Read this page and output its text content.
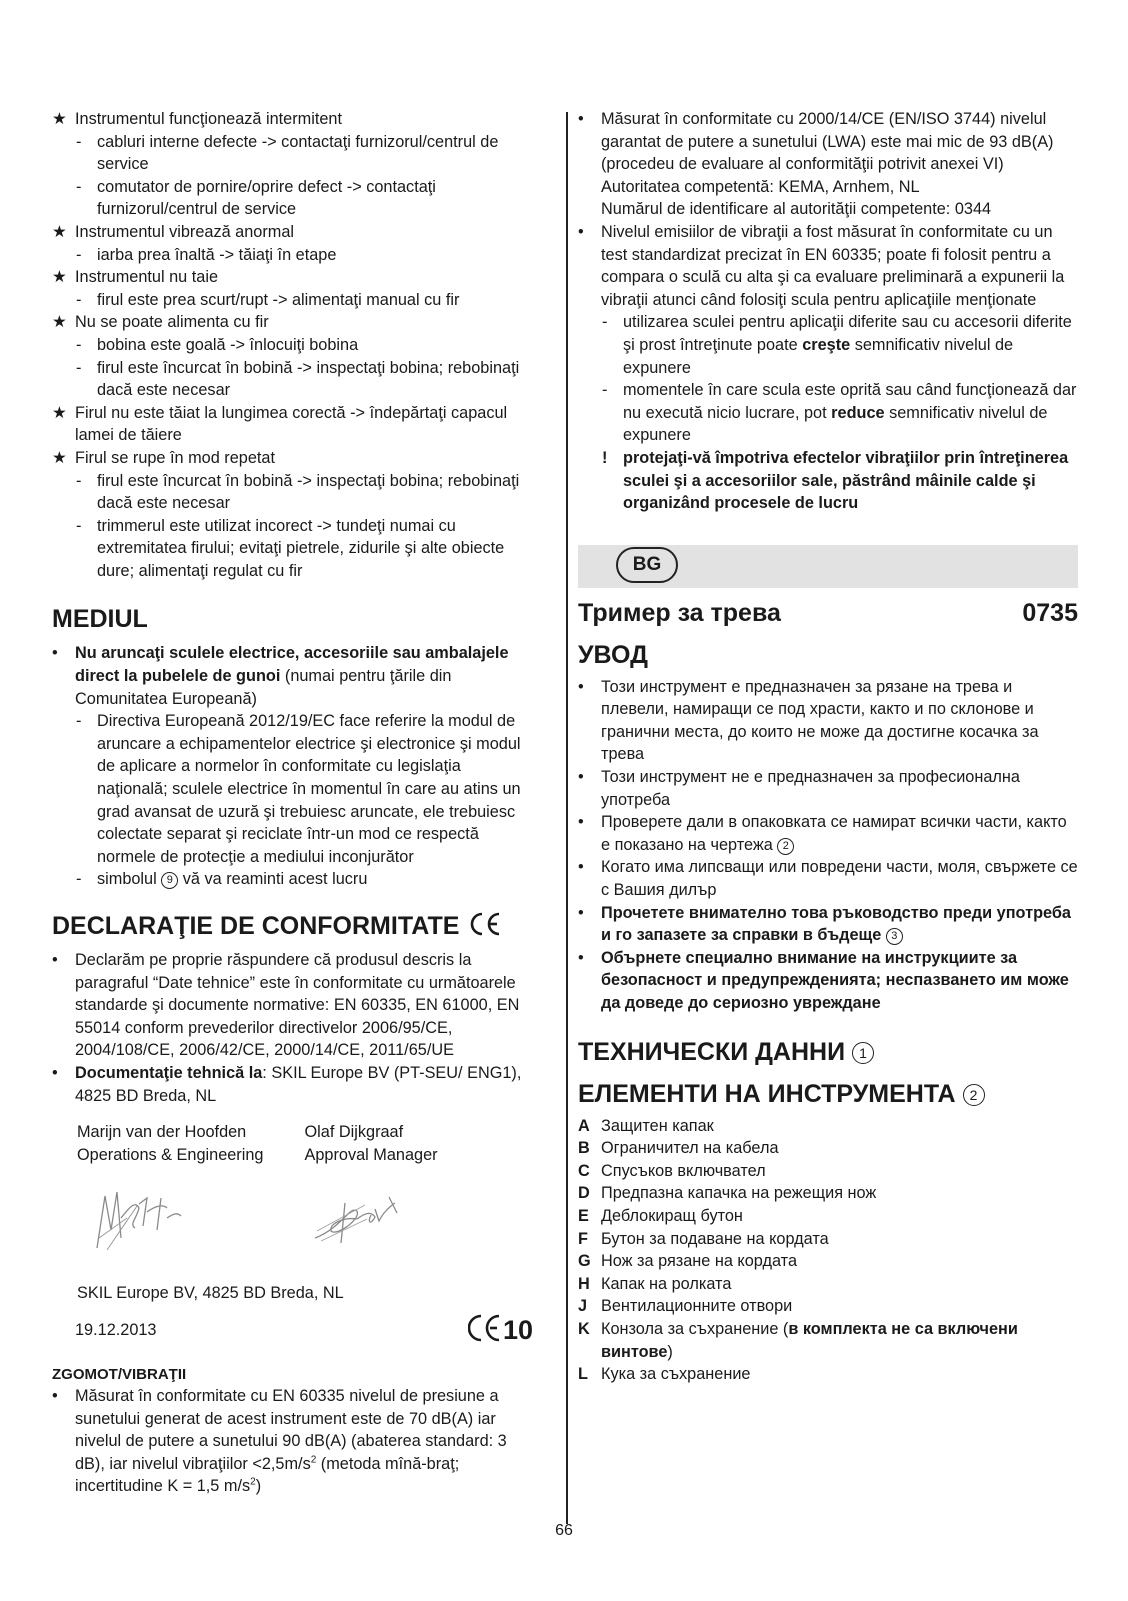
★ Instrumentul funcţionează intermitent
- cabluri interne defecte -> contactaţi furnizorul/centrul de service
- comutator de pornire/oprire defect -> contactaţi furnizorul/centrul de service
★ Instrumentul vibrează anormal
- iarba prea înaltă -> tăiaţi în etape
★ Instrumentul nu taie
- firul este prea scurt/rupt -> alimentaţi manual cu fir
★ Nu se poate alimenta cu fir
- bobina este goală -> înlocuiţi bobina
- firul este încurcat în bobină -> inspectaţi bobina; rebobinaţi dacă este necesar
★ Firul nu este tăiat la lungimea corectă -> îndepărtaţi capacul lamei de tăiere
★ Firul se rupe în mod repetat
- firul este încurcat în bobină -> inspectaţi bobina; rebobinaţi dacă este necesar
- trimmerul este utilizat incorect -> tundeţi numai cu extremitatea firului; evitaţi pietrele, zidurile şi alte obiecte dure; alimentaţi regulat cu fir
MEDIUL
• Nu aruncaţi sculele electrice, accesoriile sau ambalajele direct la pubelele de gunoi (numai pentru ţările din Comunitatea Europeană)
- Directiva Europeană 2012/19/EC face referire la modul de aruncare a echipamentelor electrice şi electronice şi modul de aplicare a normelor în conformitate cu legislaţia naţională; sculele electrice în momentul în care au atins un grad avansat de uzură şi trebuiesc aruncate, ele trebuiesc colectate separat şi reciclate într-un mod ce respectă normele de protecţie a mediului inconjurător
- simbolul 9 vă va reaminti acest lucru
DECLARAŢIE DE CONFORMITATE
• Declarăm pe proprie răspundere că produsul descris la paragraful “Date tehnice” este în conformitate cu următoarele standarde şi documente normative: EN 60335, EN 61000, EN 55014 conform prevederilor directivelor 2006/95/CE, 2004/108/CE, 2006/42/CE, 2000/14/CE, 2011/65/UE
• Documentaţie tehnică la: SKIL Europe BV (PT-SEU/ ENG1), 4825 BD Breda, NL
Marijn van der Hoofden
Operations & Engineering
Olaf Dijkgraaf
Approval Manager
SKIL Europe BV, 4825 BD Breda, NL
19.12.2013	10
ZGOMOT/VIBRAŢII
• Măsurat în conformitate cu EN 60335 nivelul de presiune a sunetului generat de acest instrument este de 70 dB(A) iar nivelul de putere a sunetului 90 dB(A) (abaterea standard: 3 dB), iar nivelul vibraţiilor $<2,5m/s^2$ (metoda mînă-braţ; incertitudine K = 1,5 $m/s^2$)
• Măsurat în conformitate cu 2000/14/CE (EN/ISO 3744) nivelul garantat de putere a sunetului (LWA) este mai mic de 93 dB(A) (procedeu de evaluare al conformităţii potrivit anexei VI)
Autoritatea competentă: KEMA, Arnhem, NL
Numărul de identificare al autorităţii competente: 0344
• Nivelul emisiilor de vibraţii a fost măsurat în conformitate cu un test standardizat precizat în EN 60335; poate fi folosit pentru a compara o sculă cu alta şi ca evaluare preliminară a expunerii la vibraţii atunci când folosiţi scula pentru aplicaţiile menţionate
- utilizarea sculei pentru aplicaţii diferite sau cu accesorii diferite şi prost întreţinute poate creşte semnificativ nivelul de expunere
- momentele în care scula este oprită sau când funcţionează dar nu execută nicio lucrare, pot reduce semnificativ nivelul de expunere
! protejaţi-vă împotriva efectelor vibraţiilor prin întreţinerea sculei şi a accesoriilor sale, păstrând mâinile calde şi organizând procesele de lucru
BG
Тример за трева	0735
УВОД
• Този инструмент е предназначен за рязане на трева и плевели, намиращи се под храсти, както и по склонове и гранични места, до които не може да достигне косачка за трева
• Този инструмент не е предназначен за професионална употреба
• Проверете дали в опаковката се намират всички части, както е показано на чертежа 2
• Когато има липсващи или повредени части, моля, свържете се с Вашия дилър
• Прочетете внимателно това ръководство преди употреба и го запазете за справки в бъдеще 3
• Обърнете специално внимание на инструкциите за безопасност и предупрежденията; неспазването им може да доведе до сериозно увреждане
ТЕХНИЧЕСКИ ДАННИ 1
ЕЛЕМЕНТИ НА ИНСТРУМЕНТА 2
A Защитен капак
B Ограничител на кабела
C Спусъков включвател
D Предпазна капачка на режещия нож
E Деблокиращ бутон
F Бутон за подаване на кордата
G Нож за рязане на кордата
H Капак на ролката
J Вентилационните отвори
K Конзола за съхранение (в комплекта не са включени винтове)
L Кука за съхранение
66
